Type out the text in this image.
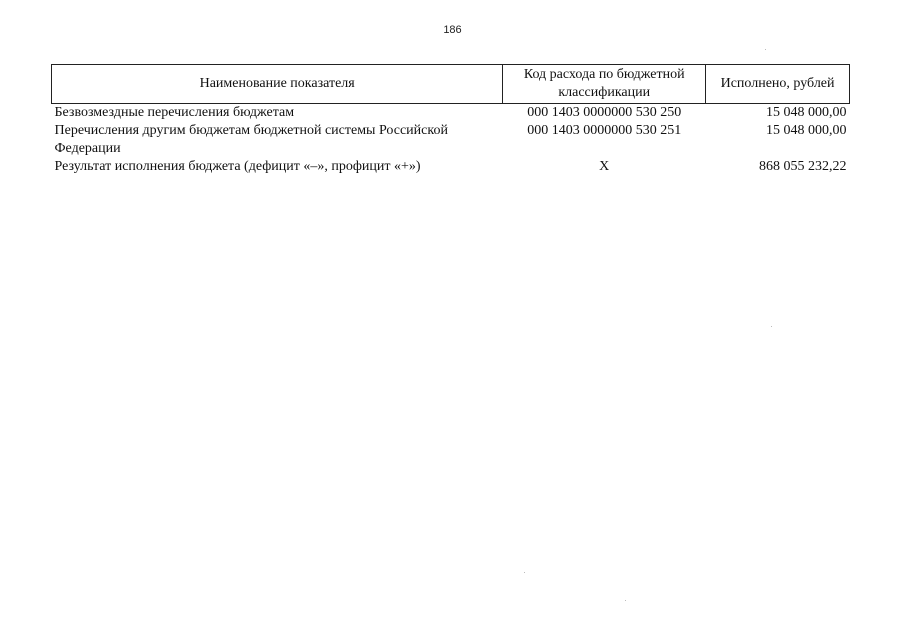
186
Наименование показателя	Код расхода по бюджетной классификации	Исполнено, рублей
Безвозмездные перечисления бюджетам	000 1403 0000000 530 250	15 048 000,00
Перечисления другим бюджетам бюджетной системы Российской Федерации	000 1403 0000000 530 251	15 048 000,00
Результат исполнения бюджета (дефицит «–», профицит «+»)	X	868 055 232,22
